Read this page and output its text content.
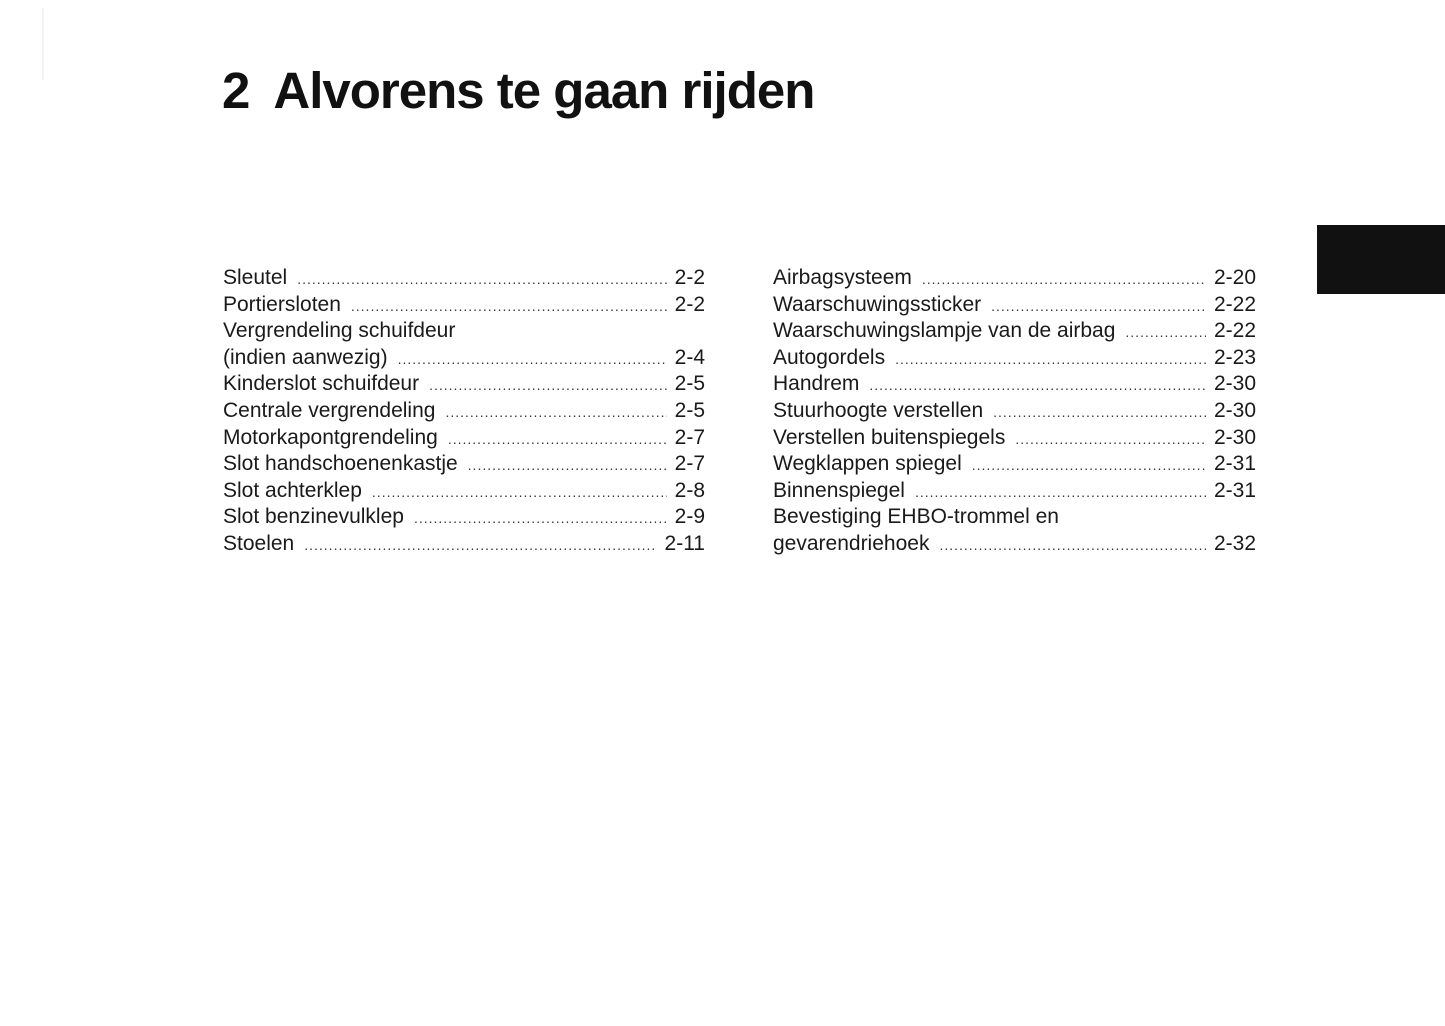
2 Alvorens te gaan rijden
Sleutel .....	2-2
Portiersloten .....	2-2
Vergrendeling schuifdeur
(indien aanwezig) .....	2-4
Kinderslot schuifdeur .....	2-5
Centrale vergrendeling .....	2-5
Motorkapontgrendeling .....	2-7
Slot handschoenenkastje .....	2-7
Slot achterklep .....	2-8
Slot benzinevulklep .....	2-9
Stoelen .....	2-11
Airbagsysteem .....	2-20
Waarschuwingssticker .....	2-22
Waarschuwingslampje van de airbag .....	2-22
Autogordels .....	2-23
Handrem .....	2-30
Stuurhoogte verstellen .....	2-30
Verstellen buitenspiegels .....	2-30
Wegklappen spiegel .....	2-31
Binnenspiegel .....	2-31
Bevestiging EHBO-trommel en
gevarendriehoek .....	2-32
